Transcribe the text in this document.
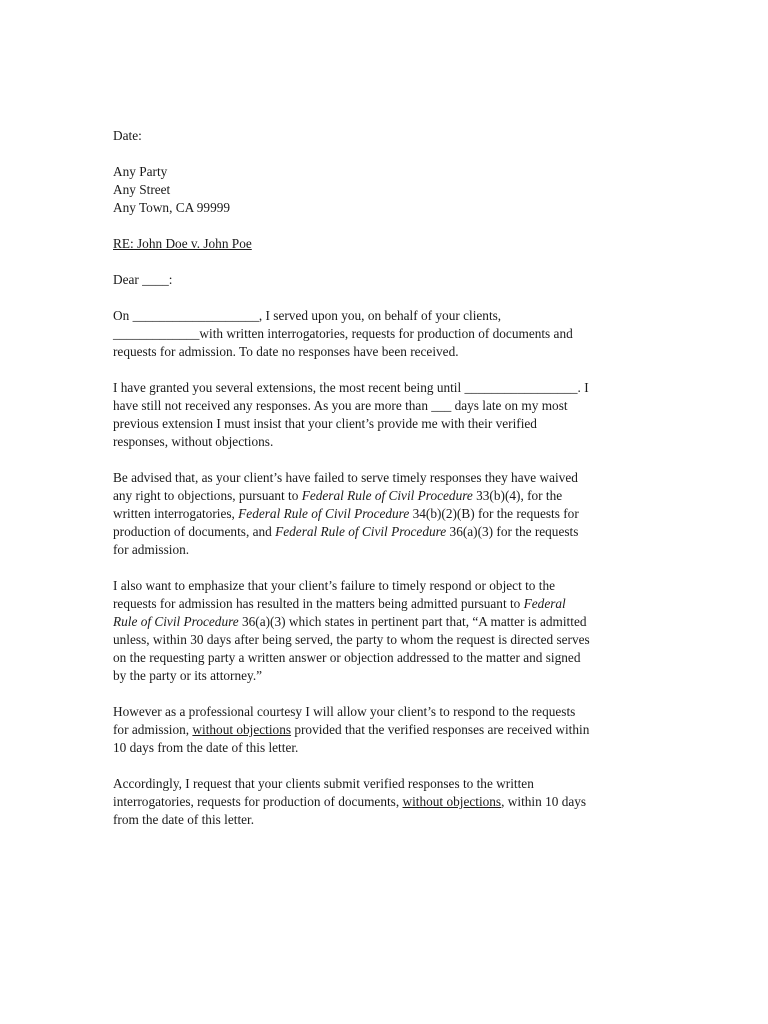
Date:

Any Party
Any Street
Any Town, CA 99999

RE: John Doe v. John Poe

Dear ____:

On ___________________, I served upon you, on behalf of your clients,
_____________with written interrogatories, requests for production of documents and
requests for admission. To date no responses have been received.

I have granted you several extensions, the most recent being until _________________. I
have still not received any responses. As you are more than ___ days late on my most
previous extension I must insist that your client’s provide me with their verified
responses, without objections.

Be advised that, as your client’s have failed to serve timely responses they have waived
any right to objections, pursuant to Federal Rule of Civil Procedure 33(b)(4), for the
written interrogatories, Federal Rule of Civil Procedure 34(b)(2)(B) for the requests for
production of documents, and Federal Rule of Civil Procedure 36(a)(3) for the requests
for admission.

I also want to emphasize that your client’s failure to timely respond or object to the
requests for admission has resulted in the matters being admitted pursuant to Federal
Rule of Civil Procedure 36(a)(3) which states in pertinent part that, “A matter is admitted
unless, within 30 days after being served, the party to whom the request is directed serves
on the requesting party a written answer or objection addressed to the matter and signed
by the party or its attorney.”

However as a professional courtesy I will allow your client’s to respond to the requests
for admission, without objections provided that the verified responses are received within
10 days from the date of this letter.

Accordingly, I request that your clients submit verified responses to the written
interrogatories, requests for production of documents, without objections, within 10 days
from the date of this letter.
